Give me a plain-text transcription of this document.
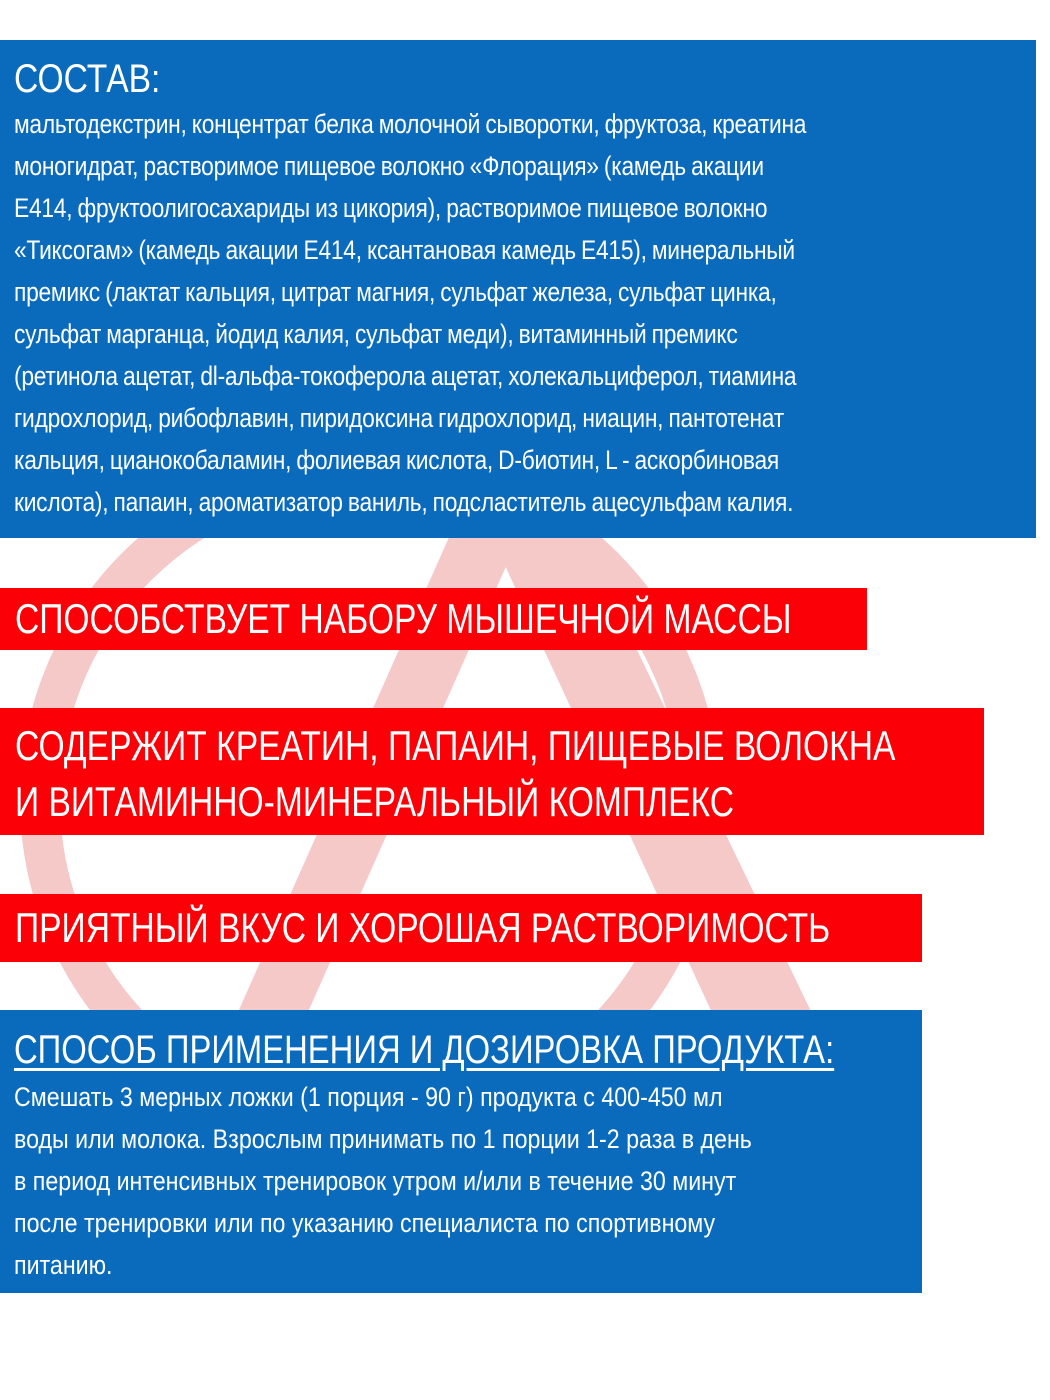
СОСТАВ:
мальтодекстрин, концентрат белка молочной сыворотки, фруктоза, креатина
моногидрат, растворимое пищевое волокно «Флорация» (камедь акации
Е414, фруктоолигосахариды из цикория), растворимое пищевое волокно
«Тиксогам» (камедь акации Е414, ксантановая камедь Е415), минеральный
премикс (лактат кальция, цитрат магния, сульфат железа, сульфат цинка,
сульфат марганца, йодид калия, сульфат меди), витаминный премикс
(ретинола ацетат, dl-альфа-токоферола ацетат, холекальциферол, тиамина
гидрохлорид, рибофлавин, пиридоксина гидрохлорид, ниацин, пантотенат
кальция, цианокобаламин, фолиевая кислота, D-биотин, L - аскорбиновая
кислота), папаин, ароматизатор ваниль, подсластитель ацесульфам калия.
СПОСОБСТВУЕТ НАБОРУ МЫШЕЧНОЙ МАССЫ
СОДЕРЖИТ КРЕАТИН, ПАПАИН, ПИЩЕВЫЕ ВОЛОКНА
И ВИТАМИННО-МИНЕРАЛЬНЫЙ КОМПЛЕКС
ПРИЯТНЫЙ ВКУС И ХОРОШАЯ РАСТВОРИМОСТЬ
СПОСОБ ПРИМЕНЕНИЯ И ДОЗИРОВКА ПРОДУКТА:
Смешать 3 мерных ложки (1 порция - 90 г) продукта с 400-450 мл
воды или молока. Взрослым принимать по 1 порции 1-2 раза в день
в период интенсивных тренировок утром и/или в течение 30 минут
после тренировки или по указанию специалиста по спортивному
питанию.
